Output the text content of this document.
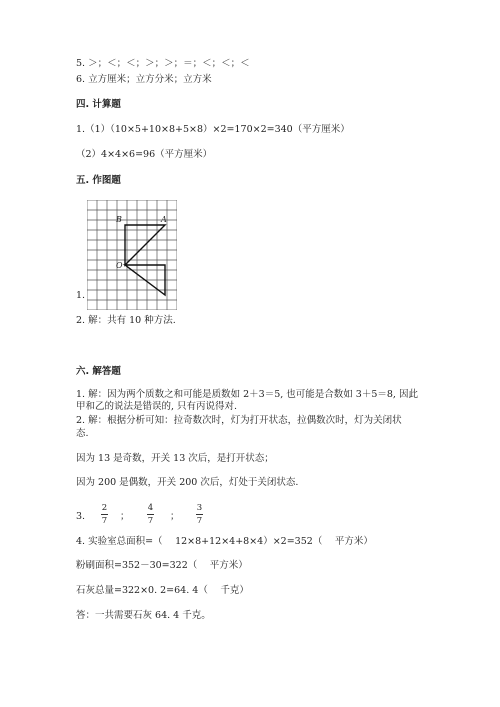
5. ＞；＜；＜；＞；＞；＝；＜；＜；＜
6. 立方厘米；立方分米；立方米
四. 计算题
1.（1）（10×5+10×8+5×8）×2=170×2=340（平方厘米）
（2）4×4×6=96（平方厘米）
五. 作图题
B	A
O
1.
2. 解：共有 10 种方法.
六. 解答题
1. 解：因为两个质数之和可能是质数如 2＋3＝5, 也可能是合数如 3＋5＝8, 因此
甲和乙的说法是错误的, 只有丙说得对.
2. 解：根据分析可知：拉奇数次时，灯为打开状态，拉偶数次时，灯为关闭状
态.
因为 13 是奇数，开关 13 次后，是打开状态；
因为 200 是偶数，开关 200 次后，灯处于关闭状态.
3.
2
7 ；
4
7 ；
3
7
4. 实验室总面积=（　 12×8+12×4+8×4）×2=352（　 平方米）
粉刷面积=352－30=322（　 平方米）
石灰总量=322×0. 2=64. 4（　 千克）
答：一共需要石灰 64. 4 千克。
